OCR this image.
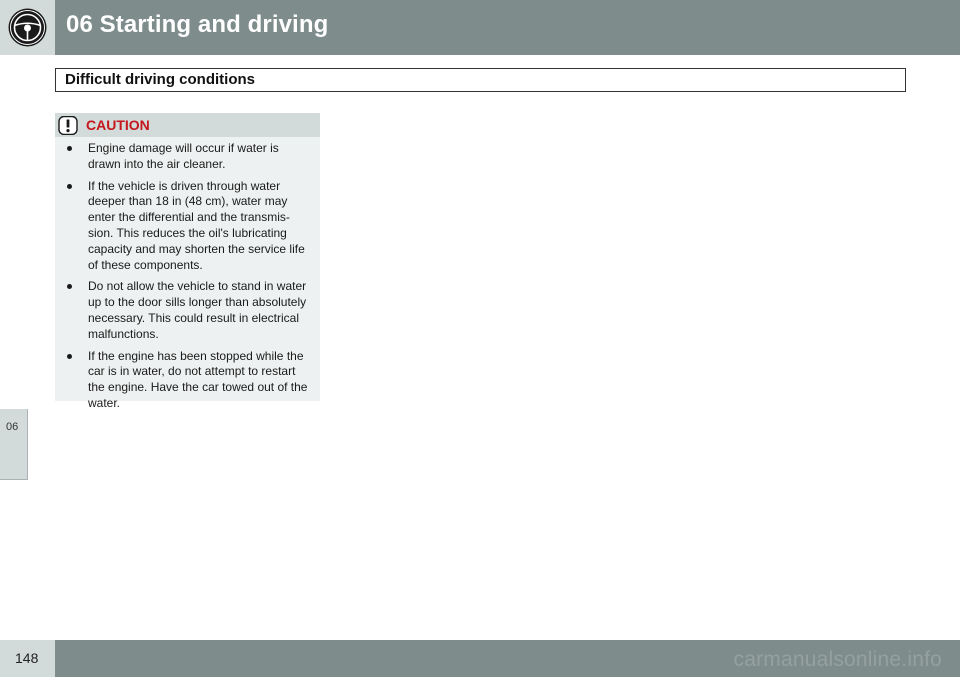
06 Starting and driving
06
Difficult driving conditions
CAUTION
Engine damage will occur if water is drawn into the air cleaner.
If the vehicle is driven through water deeper than 18 in (48 cm), water may enter the differential and the transmis-sion. This reduces the oil's lubricating capacity and may shorten the service life of these components.
Do not allow the vehicle to stand in water up to the door sills longer than absolutely necessary. This could result in electrical malfunctions.
If the engine has been stopped while the car is in water, do not attempt to restart the engine. Have the car towed out of the water.
148	carmanualsonline.info
